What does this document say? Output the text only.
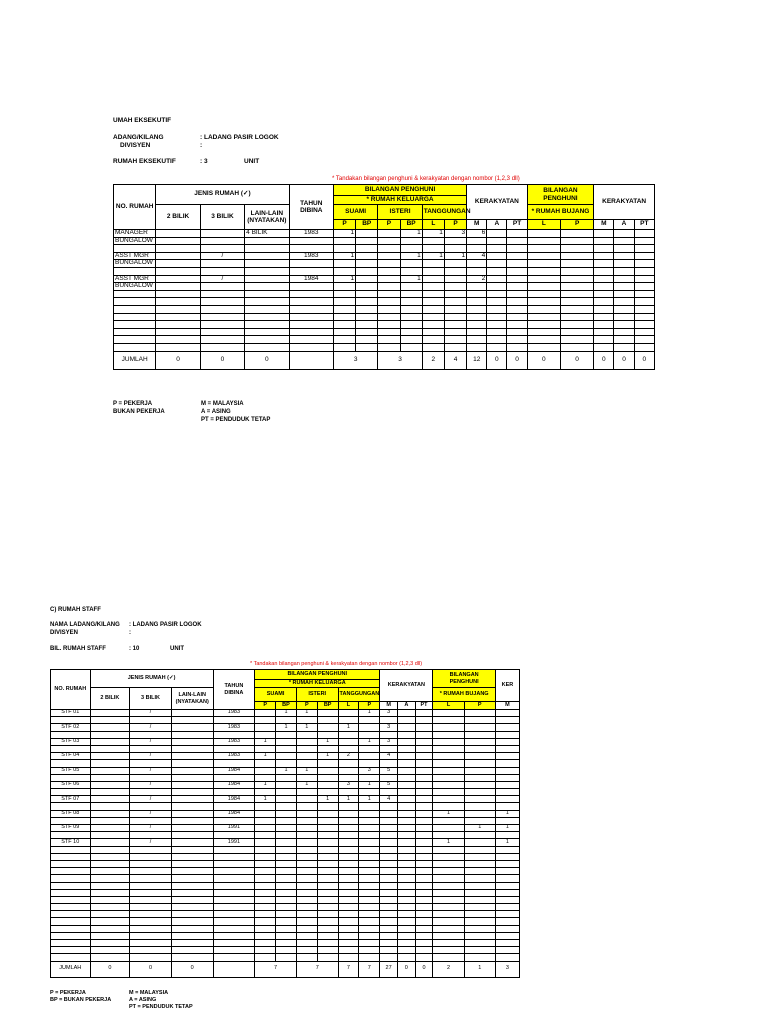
UMAH EKSEKUTIF
ADANG/KILANG	: LADANG PASIR LOGOK
DIVISYEN	:
RUMAH EKSEKUTIF	: 3	UNIT
* Tandakan bilangan penghuni & kerakyatan dengan nombor (1,2,3 dll)
NO. RUMAH	JENIS RUMAH (✓)			TAHUN DIBINA	BILANGAN PENGHUNI						KERAKYATAN			BILANGAN PENGHUNI		KERAKYATAN		
					* RUMAH KELUARGA													
	2 BILIK	3 BILIK	LAIN-LAIN (NYATAKAN)		SUAMI		ISTERI		TANGGUNGAN					* RUMAH BUJANG				
					P	BP	P	BP	L	P	M	A	PT	L	P	M	A	PT
MANAGER			4 BILIK	1983	1			1	1	3	6							
BUNGALOW																		

ASST MGR		/		1983	1			1	1	1	4							
BUNGALOW																		

ASST MGR		/		1984	1			1			2							
BUNGALOW																		

JUMLAH	0	0	0		3		3		2	4	12	0	0	0	0	0	0	0
P = PEKERJA	M = MALAYSIA
BUKAN PEKERJA	A = ASING
PT = PENDUDUK TETAP
C) RUMAH STAFF
NAMA LADANG/KILANG : LADANG PASIR LOGOK
DIVISYEN	:
BIL. RUMAH STAFF	: 10	UNIT
* Tandakan bilangan penghuni & kerakyatan dengan nombor (1,2,3 dll)
NO. RUMAH	JENIS RUMAH (✓)			TAHUN DIBINA	BILANGAN PENGHUNI						KERAKYATAN			BILANGAN PENGHUNI		KER
					* RUMAH KELUARGA											
	2 BILIK	3 BILIK	LAIN-LAIN (NYATAKAN)		SUAMI		ISTERI		TANGGUNGAN					* RUMAH BUJANG		
					P	BP	P	BP	L	P	M	A	PT	L	P	M
STF 01		/		1983		1	1			1	3					

STF 02		/		1983		1	1		1		3					

STF 03		/		1983	1			1		1	3					

STF 04		/		1983	1			1	2		4					

STF 05		/		1984		1	1			3	5					

STF 06		/		1984	1		1		3	1	5					

STF 07		/		1984	1			1	1	1	4					

STF 08		/		1984										1		1

STF 09		/		1991											1	1

STF 10		/		1991										1		1

JUMLAH	0	0	0		7		7		7	7	27	0	0	2	1	3
P = PEKERJA	M = MALAYSIA
BP = BUKAN PEKERJA	A = ASING
PT = PENDUDUK TETAP
